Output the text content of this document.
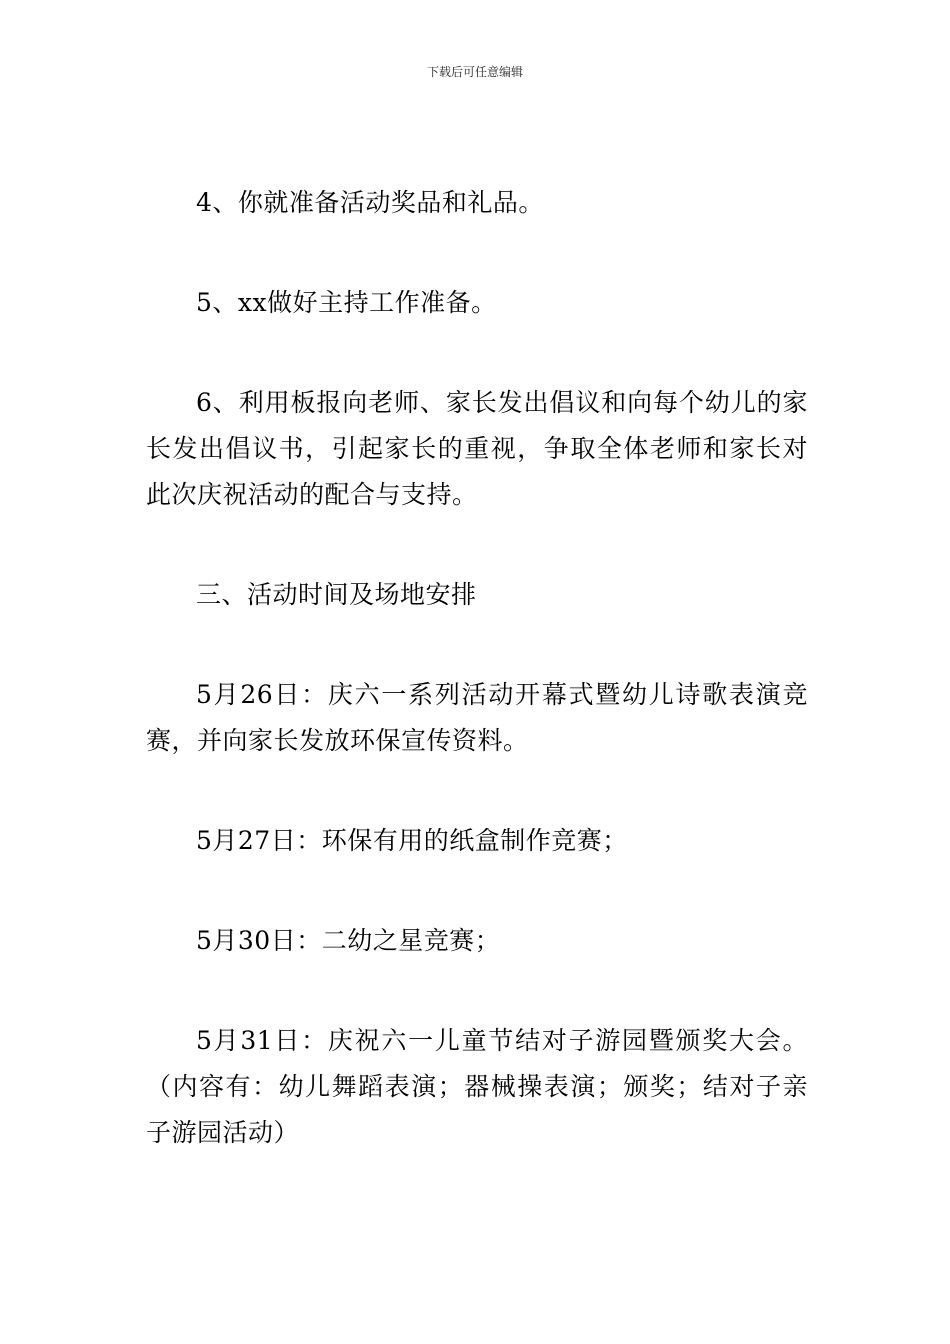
下载后可任意编辑

4、你就准备活动奖品和礼品。

5、xx做好主持工作准备。

6、利用板报向老师、家长发出倡议和向每个幼儿的家长发出倡议书，引起家长的重视，争取全体老师和家长对此次庆祝活动的配合与支持。

三、活动时间及场地安排

5月26日：庆六一系列活动开幕式暨幼儿诗歌表演竞赛，并向家长发放环保宣传资料。

5月27日：环保有用的纸盒制作竞赛；

5月30日：二幼之星竞赛；

5月31日：庆祝六一儿童节结对子游园暨颁奖大会。（内容有：幼儿舞蹈表演；器械操表演；颁奖；结对子亲子游园活动）
